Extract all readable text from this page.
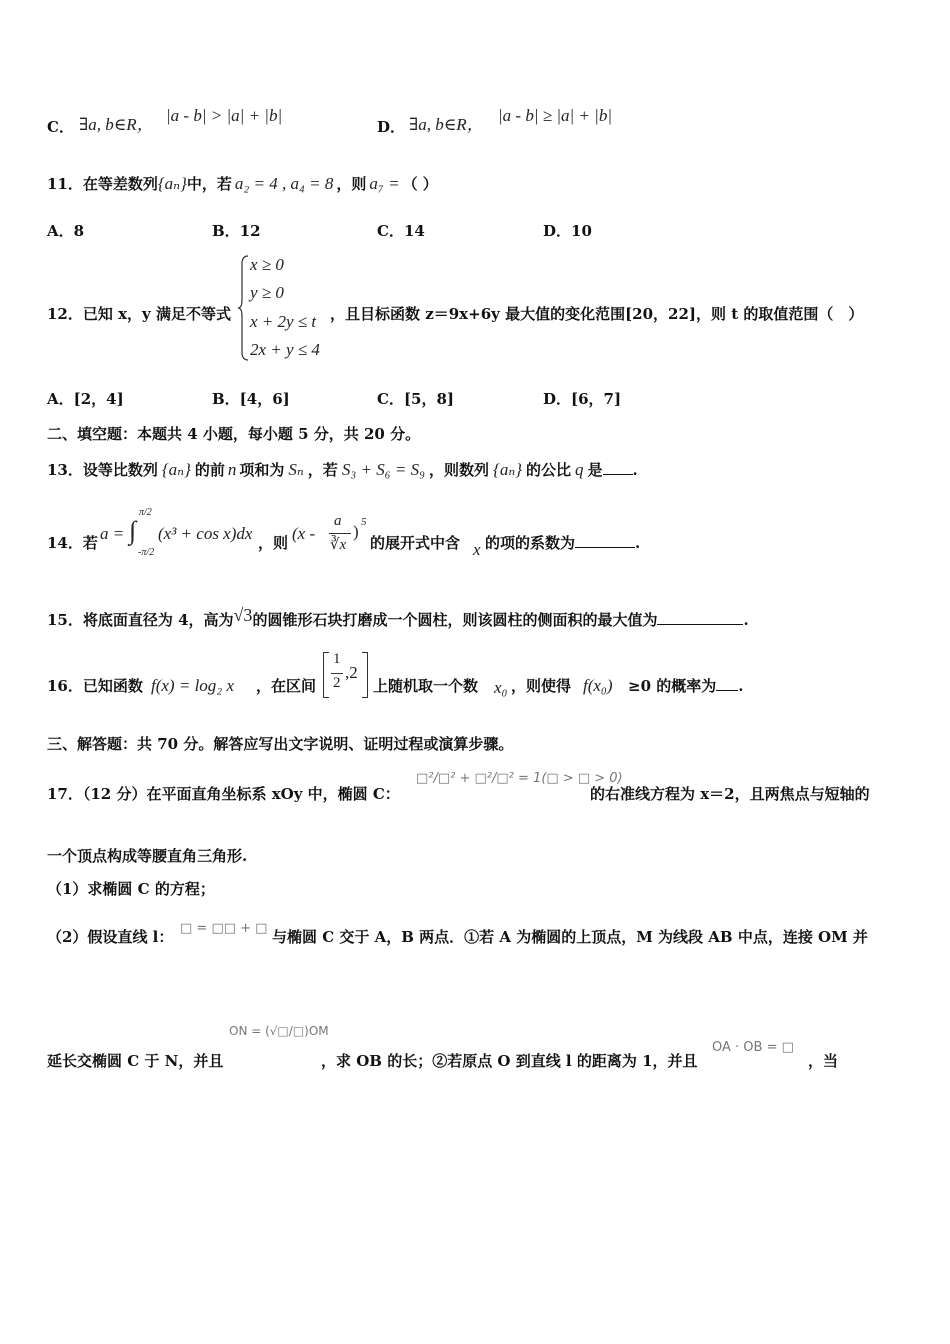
C． ∃a, b∈R， |a - b| > |a| + |b|
D． ∃a, b∈R， |a - b| ≥ |a| + |b|
11．在等差数列{aₙ}中，若 a₂ = 4 , a₄ = 8 ，则 a₇ = （ ）
A．8	B．12	C．14	D．10
12．已知 x，y 满足不等式
x ≥ 0
y ≥ 0
x + 2y ≤ t
2x + y ≤ 4
，且目标函数 z＝9x+6y 最大值的变化范围[20，22]，则 t 的取值范围（　）
A．[2，4]	B．[4，6]	C．[5，8]	D．[6，7]
二、填空题：本题共 4 小题，每小题 5 分，共 20 分。
13．设等比数列 {aₙ} 的前 n 项和为 Sₙ ，若 S₃ + S₆ = S₉ ，则数列 {aₙ} 的公比 q 是 .
14．若 a = ∫
π/2
-π/2
(x³ + cos x)dx ，则 (x -
a
∛x
) 5
的展开式中含 x 的项的系数为	.
15．将底面直径为 4，高为√3的圆锥形石块打磨成一个圆柱，则该圆柱的侧面积的最大值为	.
16．已知函数 f(x) = log₂ x ，在区间
1
2
,2
上随机取一个数 x₀ ，则使得 f(x₀) ≥0 的概率为 .
三、解答题：共 70 分。解答应写出文字说明、证明过程或演算步骤。
17．（12 分）在平面直角坐标系 xOy 中，椭圆 C：
□²/□² + □²/□² = 1(□ > □ > 0)
的右准线方程为 x＝2，且两焦点与短轴的
一个顶点构成等腰直角三角形.
（1）求椭圆 C 的方程；
（2）假设直线 l： □ = □□ + □ 与椭圆 C 交于 A，B 两点．①若 A 为椭圆的上顶点，M 为线段 AB 中点，连接 OM 并
ON = (√□/□)OM
延长交椭圆 C 于 N，并且	，求 OB 的长；②若原点 O 到直线 l 的距离为 1，并且
OA · OB = □
，当
